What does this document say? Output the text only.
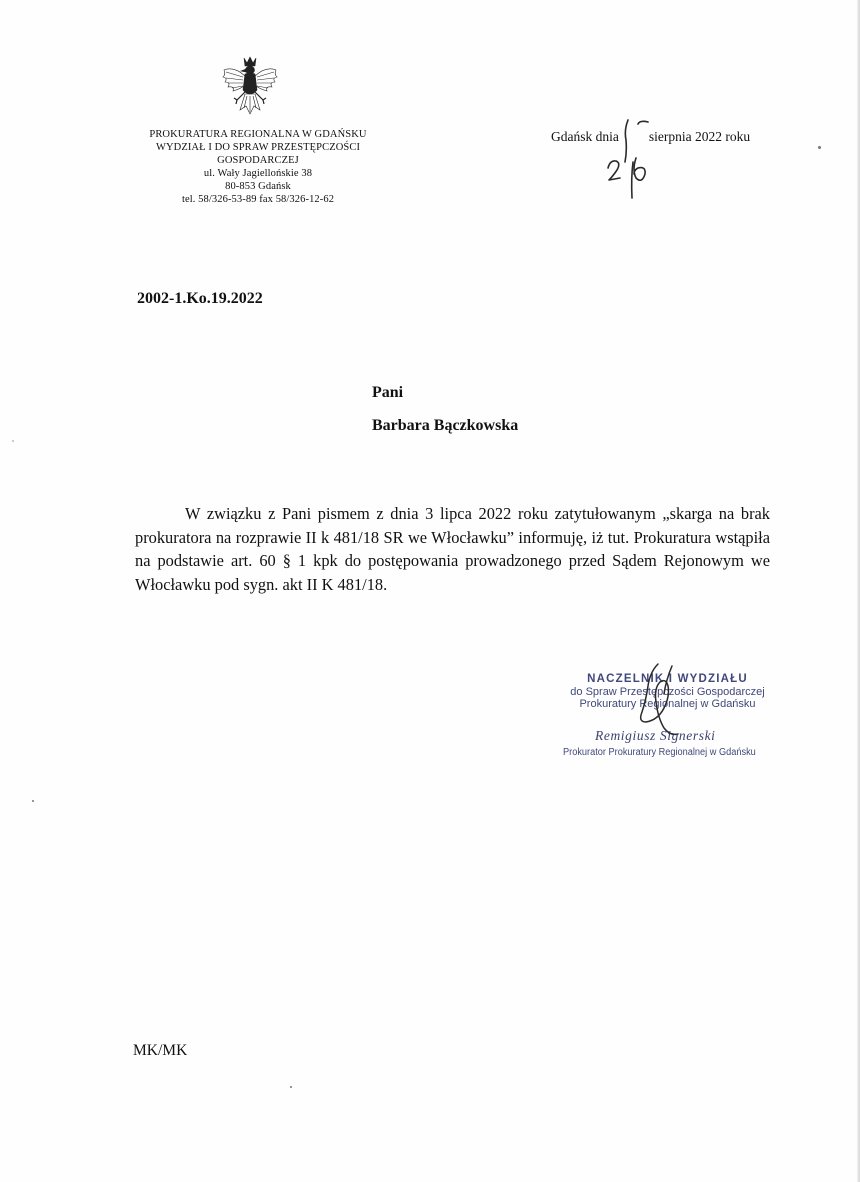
PROKURATURA REGIONALNA W GDAŃSKU
WYDZIAŁ I DO SPRAW PRZESTĘPCZOŚCI
GOSPODARCZEJ
ul. Wały Jagiellońskie 38
80-853 Gdańsk
tel. 58/326-53-89 fax 58/326-12-62
Gdańsk dnia sierpnia 2022 roku
2002-1.Ko.19.2022
Pani
Barbara Bączkowska
W związku z Pani pismem z dnia 3 lipca 2022 roku zatytułowanym „skarga na brak prokuratora na rozprawie II k 481/18 SR we Włocławku” informuję, iż tut. Prokuratura wstąpiła na podstawie art. 60 § 1 kpk do postępowania prowadzonego przed Sądem Rejonowym we Włocławku pod sygn. akt II K 481/18.
NACZELNIK I WYDZIAŁU
do Spraw Przestępczości Gospodarczej
Prokuratury Regionalnej w Gdańsku
Remigiusz Signerski
Prokurator Prokuratury Regionalnej w Gdańsku
MK/MK
